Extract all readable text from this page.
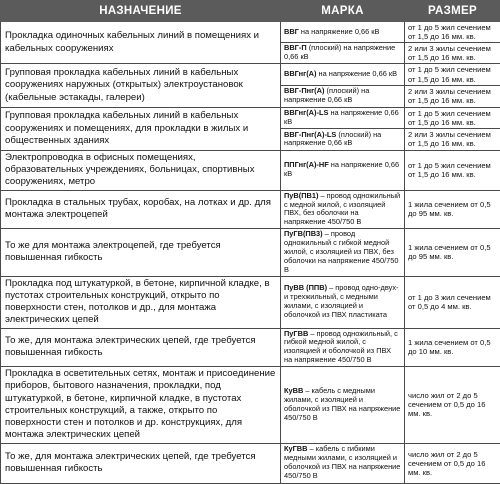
НАЗНАЧЕНИЕ	МАРКА	РАЗМЕР
Прокладка одиночных кабельных линий в помещениях и кабельных сооружениях	ВВГ на напряжение 0,66 кВ	от 1 до 5 жил сечением от 1,5 до 16 мм. кв.
	ВВГ-П (плоский) на напряжение 0,66 кВ	2 или 3 жилы сечением от 1,5 до 16 мм. кв.
Групповая прокладка кабельных линий в кабельных сооружениях наружных (открытых) электроустановок (кабельные эстакады, галереи)	ВВГнг(А) на напряжение 0,66 кВ	от 1 до 5 жил сечением от 1,5 до 16 мм. кв.
	ВВГ-Пнг(А) (плоский) на напряжение 0,66 кВ	2 или 3 жилы сечением от 1,5 до 16 мм. кв.
Групповая прокладка кабельных линий в кабельных сооружениях и помещениях, для прокладки в жилых и общественных зданиях	ВВГнг(А)-LS на напряжение 0,66 кВ	от 1 до 5 жил сечением от 1,5 до 16 мм. кв.
	ВВГ-Пнг(А)-LS (плоский) на напряжение 0,66 кВ	2 или 3 жилы сечением от 1,5 до 16 мм. кв.
Электропроводка в офисных помещениях, образовательных учреждениях, больницах, спортивных сооружениях, метро	ППГнг(А)-HF на напряжение 0,66 кВ	от 1 до 5 жил сечением от 1,5 до 16 мм. кв.
Прокладка в стальных трубах, коробах, на лотках и др. для монтажа электроцепей	ПуВ(ПВ1) – провод одножильный с медной жилой, с изоляцией ПВХ, без оболочки на напряжение 450/750 В	1 жила сечением от 0,5 до 95 мм. кв.
То же для монтажа электроцепей, где требуется повышенная гибкость	ПуГВ(ПВ3) – провод одножильный с гибкой медной жилой, с изоляцией из ПВХ, без оболочки на напряжение 450/750 В	1 жила сечением от 0,5 до 95 мм. кв.
Прокладка под штукатуркой, в бетоне, кирпичной кладке, в пустотах строительных конструкций, открыто по поверхности стен, потолков и др., для монтажа электрических цепей	ПуВВ (ППВ) – провод одно-двух- и трехжильный, с медными жилами, с изоляцией и оболочкой из ПВХ пластиката	от 1 до 3 жил сечением от 0,5 до 4 мм. кв.
То же, для монтажа электрических цепей, где требуется повышенная гибкость	ПуГВВ – провод одножильный, с гибкой медной жилой, с изоляцией и оболочкой из ПВХ на напряжение 450/750 В	1 жила сечением от 0,5 до 10 мм. кв.
Прокладка в осветительных сетях, монтаж и присоединение приборов, бытового назначения, прокладки, под штукатуркой, в бетоне, кирпичной кладке, в пустотах строительных конструкций, а также, открыто по поверхности стен и потолков и др. конструкциях, для монтажа электрических цепей	КуВВ – кабель с медными жилами, с изоляцией и оболочкой из ПВХ на напряжение 450/750 В	число жил от 2 до 5 сечением от 0,5 до 16 мм. кв.
То же, для монтажа электрических цепей, где требуется повышенная гибкость	КуГВВ – кабель с гибкими медными жилами, с изоляцией и оболочкой из ПВХ на напряжение 450/750 В	число жил от 2 до 5 сечением от 0,5 до 16 мм. кв.
